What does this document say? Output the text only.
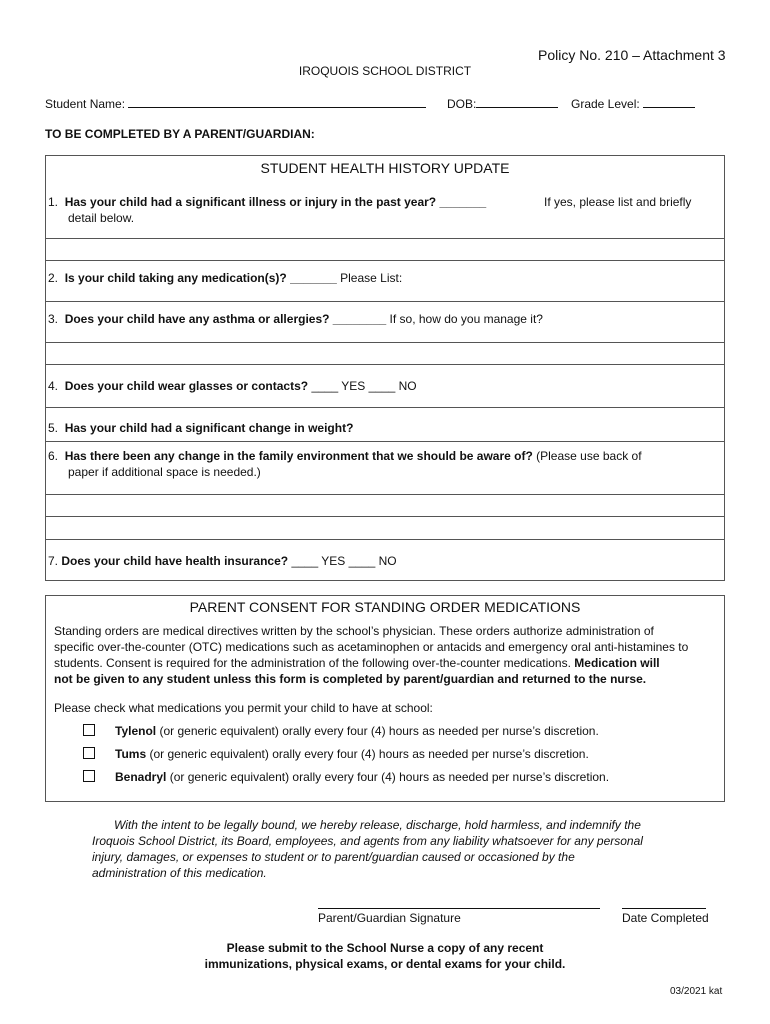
Policy No. 210 – Attachment 3
IROQUOIS SCHOOL DISTRICT
Student Name:	DOB:	Grade Level:
TO BE COMPLETED BY A PARENT/GUARDIAN:
STUDENT HEALTH HISTORY UPDATE
1. Has your child had a significant illness or injury in the past year? _______	If yes, please list and briefly
detail below.
2. Is your child taking any medication(s)? _______ Please List:
3. Does your child have any asthma or allergies? ________ If so, how do you manage it?
4. Does your child wear glasses or contacts? ____ YES ____ NO
5. Has your child had a significant change in weight?
6. Has there been any change in the family environment that we should be aware of? (Please use back of
paper if additional space is needed.)
7. Does your child have health insurance? ____ YES ____ NO
PARENT CONSENT FOR STANDING ORDER MEDICATIONS
Standing orders are medical directives written by the school’s physician. These orders authorize administration of
specific over-the-counter (OTC) medications such as acetaminophen or antacids and emergency oral anti-histamines to
students. Consent is required for the administration of the following over-the-counter medications. Medication will
not be given to any student unless this form is completed by parent/guardian and returned to the nurse.
Please check what medications you permit your child to have at school:
Tylenol (or generic equivalent) orally every four (4) hours as needed per nurse’s discretion.
Tums (or generic equivalent) orally every four (4) hours as needed per nurse’s discretion.
Benadryl (or generic equivalent) orally every four (4) hours as needed per nurse’s discretion.
With the intent to be legally bound, we hereby release, discharge, hold harmless, and indemnify the
Iroquois School District, its Board, employees, and agents from any liability whatsoever for any personal
injury, damages, or expenses to student or to parent/guardian caused or occasioned by the
administration of this medication.
Parent/Guardian Signature	Date Completed
Please submit to the School Nurse a copy of any recent
immunizations, physical exams, or dental exams for your child.
03/2021 kat
